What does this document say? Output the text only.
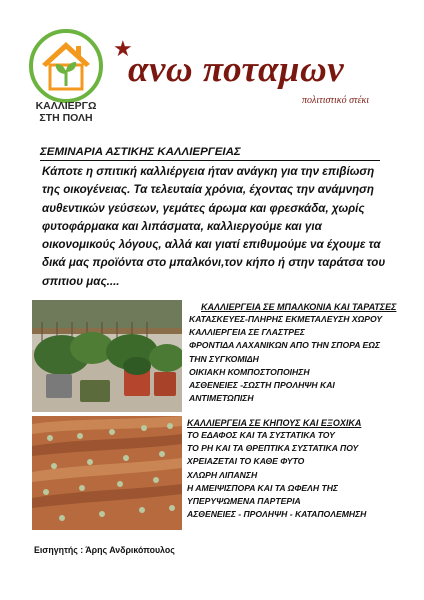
ΚΑΛΛΙΕΡΓΩ
ΣΤΗ ΠΟΛΗ
★
ανω ποταμων
πολιτιστικό στέκι
ΣΕΜΙΝΑΡΙΑ ΑΣΤΙΚΗΣ ΚΑΛΛΙΕΡΓΕΙΑΣ
Κάποτε η σπιτική καλλιέργεια ήταν ανάγκη για την επιβίωση της οικογένειας. Τα τελευταία χρόνια, έχοντας την ανάμνηση αυθεντικών γεύσεων, γεμάτες άρωμα και φρεσκάδα, χωρίς φυτοφάρμακα και λιπάσματα, καλλιεργούμε και για οικονομικούς λόγους, αλλά και γιατί επιθυμούμε να έχουμε τα δικά μας προϊόντα στο μπαλκόνι,τον κήπο ή στην ταράτσα του σπιτιου μας....
ΚΑΛΛΙΕΡΓΕΙΑ ΣΕ ΜΠΑΛΚΟΝΙΑ ΚΑΙ ΤΑΡΑΤΣΕΣ
ΚΑΤΑΣΚΕΥΕΣ-ΠΛΗΡΗΣ ΕΚΜΕΤΑΛΕΥΣΗ ΧΩΡΟΥ
ΚΑΛΛΙΕΡΓΕΙΑ ΣΕ ΓΛΑΣΤΡΕΣ
ΦΡΟΝΤΙΔΑ ΛΑΧΑΝΙΚΩΝ ΑΠΟ ΤΗΝ ΣΠΟΡΑ ΕΩΣ
ΤΗΝ ΣΥΓΚΟΜΙΔΗ
ΟΙΚΙΑΚΗ ΚΟΜΠΟΣΤΟΠΟΙΗΣΗ
ΑΣΘΕΝΕΙΕΣ -ΣΩΣΤΗ ΠΡΟΛΗΨΗ ΚΑΙ
ΑΝΤΙΜΕΤΩΠΙΣΗ
ΚΑΛΛΙΕΡΓΕΙΑ ΣΕ ΚΗΠΟΥΣ ΚΑΙ ΕΞΟΧΙΚΑ
ΤΟ ΕΔΑΦΟΣ ΚΑΙ ΤΑ ΣΥΣΤΑΤΙΚΑ ΤΟΥ
ΤΟ PH ΚΑΙ ΤΑ ΘΡΕΠΤΙΚΑ ΣΥΣΤΑΤΙΚΑ ΠΟΥ
ΧΡΕΙΑΖΕΤΑΙ ΤΟ ΚΑΘΕ ΦΥΤΟ
ΧΛΩΡΗ ΛΙΠΑΝΣΗ
Η ΑΜΕΙΨΙΣΠΟΡΑ ΚΑΙ ΤΑ ΩΦΕΛΗ ΤΗΣ
ΥΠΕΡΥΨΩΜΕΝΑ ΠΑΡΤΕΡΙΑ
ΑΣΘΕΝΕΙΕΣ - ΠΡΟΛΗΨΗ - ΚΑΤΑΠΟΛΕΜΗΣΗ
Εισηγητής : Άρης Ανδρικόπουλος
